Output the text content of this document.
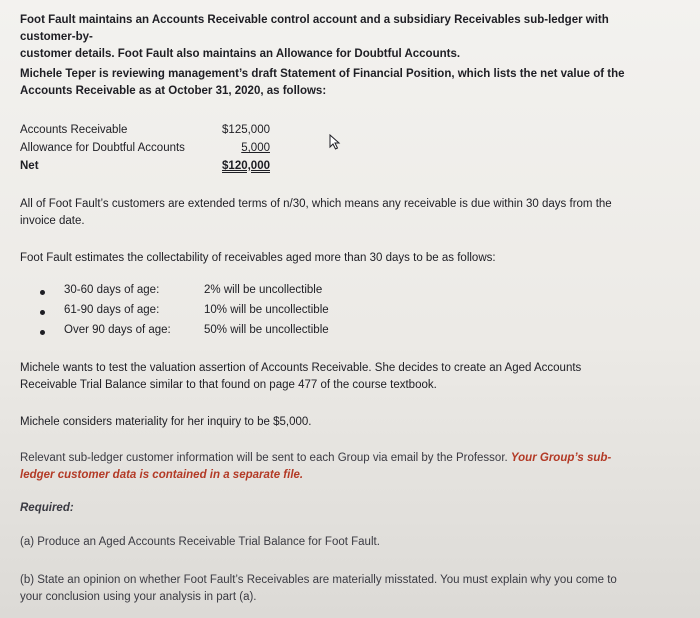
Foot Fault maintains an Accounts Receivable control account and a subsidiary Receivables sub-ledger with customer-by-
customer details. Foot Fault also maintains an Allowance for Doubtful Accounts.
Michele Teper is reviewing management’s draft Statement of Financial Position, which lists the net value of the
Accounts Receivable as at October 31, 2020, as follows:
Accounts Receivable	$125,000
Allowance for Doubtful Accounts	5,000
Net	$120,000
All of Foot Fault’s customers are extended terms of n/30, which means any receivable is due within 30 days from the
invoice date.
Foot Fault estimates the collectability of receivables aged more than 30 days to be as follows:
30-60 days of age:	2% will be uncollectible
61-90 days of age:	10% will be uncollectible
Over 90 days of age:	50% will be uncollectible
Michele wants to test the valuation assertion of Accounts Receivable. She decides to create an Aged Accounts
Receivable Trial Balance similar to that found on page 477 of the course textbook.
Michele considers materiality for her inquiry to be $5,000.
Relevant sub-ledger customer information will be sent to each Group via email by the Professor. Your Group’s sub-
ledger customer data is contained in a separate file.
Required:
(a) Produce an Aged Accounts Receivable Trial Balance for Foot Fault.
(b) State an opinion on whether Foot Fault’s Receivables are materially misstated. You must explain why you come to
your conclusion using your analysis in part (a).
